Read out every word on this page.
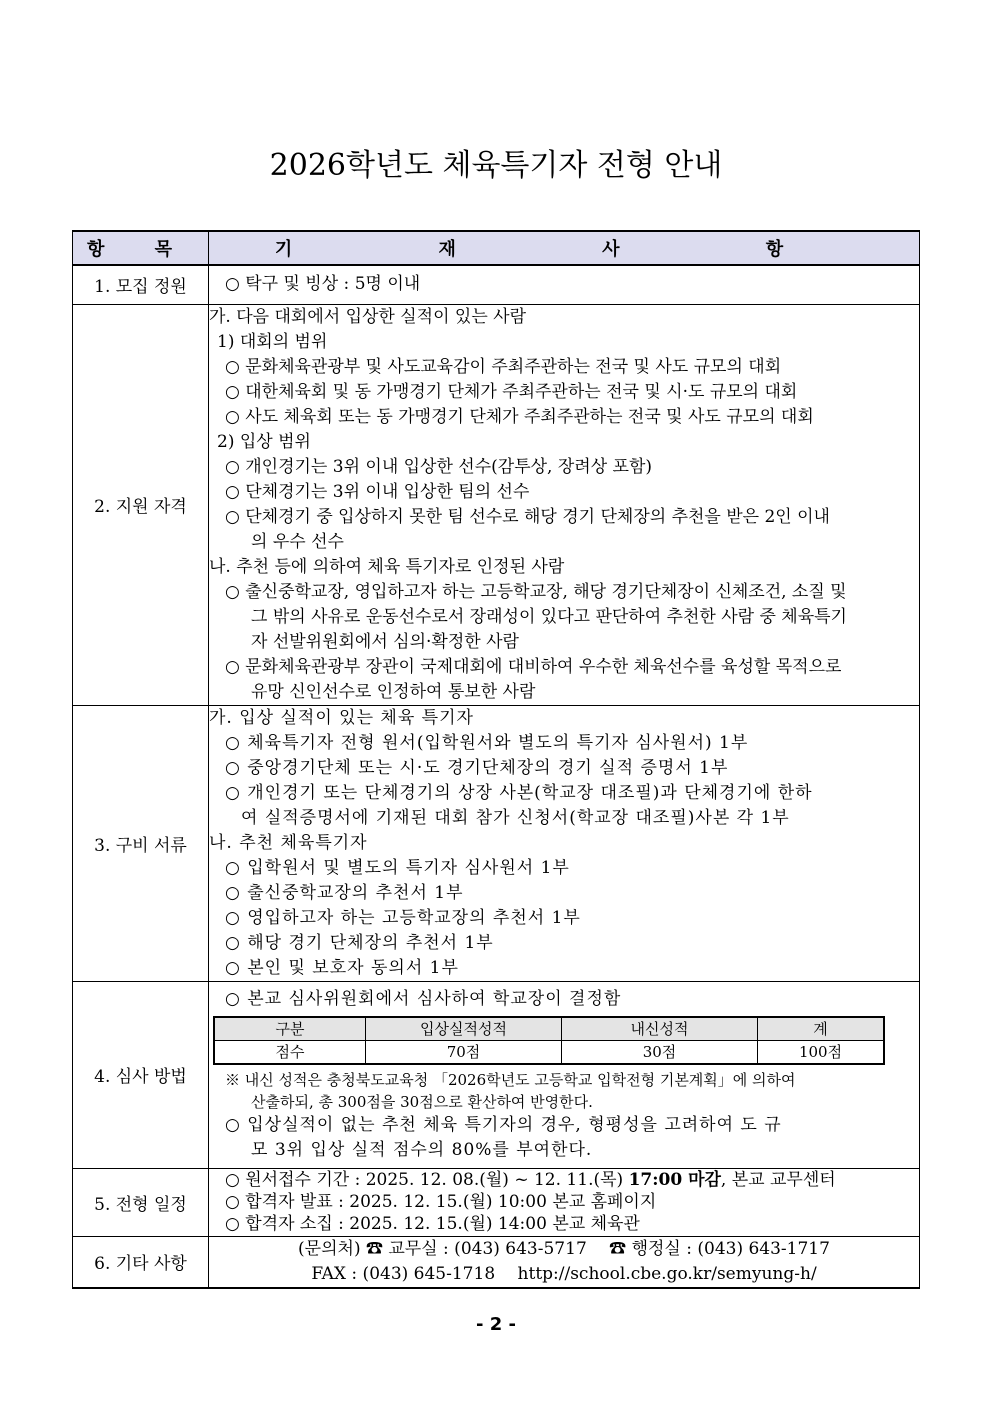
2026학년도 체육특기자 전형 안내
항 목	기 재 사 항
1. 모집 정원	○ 탁구 및 빙상 : 5명 이내

2. 지원 자격	
가. 다음 대회에서 입상한 실적이 있는 사람
1) 대회의 범위
○ 문화체육관광부 및 사도교육감이 주최주관하는 전국 및 사도 규모의 대회
○ 대한체육회 및 동 가맹경기 단체가 주최주관하는 전국 및 시·도 규모의 대회
○ 사도 체육회 또는 동 가맹경기 단체가 주최주관하는 전국 및 사도 규모의 대회
2) 입상 범위
○ 개인경기는 3위 이내 입상한 선수(감투상, 장려상 포함)
○ 단체경기는 3위 이내 입상한 팀의 선수
○ 단체경기 중 입상하지 못한 팀 선수로 해당 경기 단체장의 추천을 받은 2인 이내
의 우수 선수
나. 추천 등에 의하여 체육 특기자로 인정된 사람
○ 출신중학교장, 영입하고자 하는 고등학교장, 해당 경기단체장이 신체조건, 소질 및
그 밖의 사유로 운동선수로서 장래성이 있다고 판단하여 추천한 사람 중 체육특기
자 선발위원회에서 심의·확정한 사람
○ 문화체육관광부 장관이 국제대회에 대비하여 우수한 체육선수를 육성할 목적으로
유망 신인선수로 인정하여 통보한 사람

3. 구비 서류	
가. 입상 실적이 있는 체육 특기자
○ 체육특기자 전형 원서(입학원서와 별도의 특기자 심사원서) 1부
○ 중앙경기단체 또는 시·도 경기단체장의 경기 실적 증명서 1부
○ 개인경기 또는 단체경기의 상장 사본(학교장 대조필)과 단체경기에 한하
여 실적증명서에 기재된 대회 참가 신청서(학교장 대조필)사본 각 1부
나. 추천 체육특기자
○ 입학원서 및 별도의 특기자 심사원서 1부
○ 출신중학교장의 추천서 1부
○ 영입하고자 하는 고등학교장의 추천서 1부
○ 해당 경기 단체장의 추천서 1부
○ 본인 및 보호자 동의서 1부

4. 심사 방법	
○ 본교 심사위원회에서 심사하여 학교장이 결정함
구분	입상실적성적	내신성적	계
점수	70점	30점	100점
※ 내신 성적은 충청북도교육청 「2026학년도 고등학교 입학전형 기본계획」에 의하여
산출하되, 총 300점을 30점으로 환산하여 반영한다.
○ 입상실적이 없는 추천 체육 특기자의 경우, 형평성을 고려하여 도 규
모 3위 입상 실적 점수의 80%를 부여한다.

5. 전형 일정	
○ 원서접수 기간 : 2025. 12. 08.(월) ~ 12. 11.(목) 17:00 마감, 본교 교무센터
○ 합격자 발표 : 2025. 12. 15.(월) 10:00 본교 홈페이지
○ 합격자 소집 : 2025. 12. 15.(월) 14:00 본교 체육관

6. 기타 사항	
(문의처) ☎ 교무실 : (043) 643-5717　 ☎ 행정실 : (043) 643-1717
FAX : (043) 645-1718　 http://school.cbe.go.kr/semyung-h/
- 2 -
